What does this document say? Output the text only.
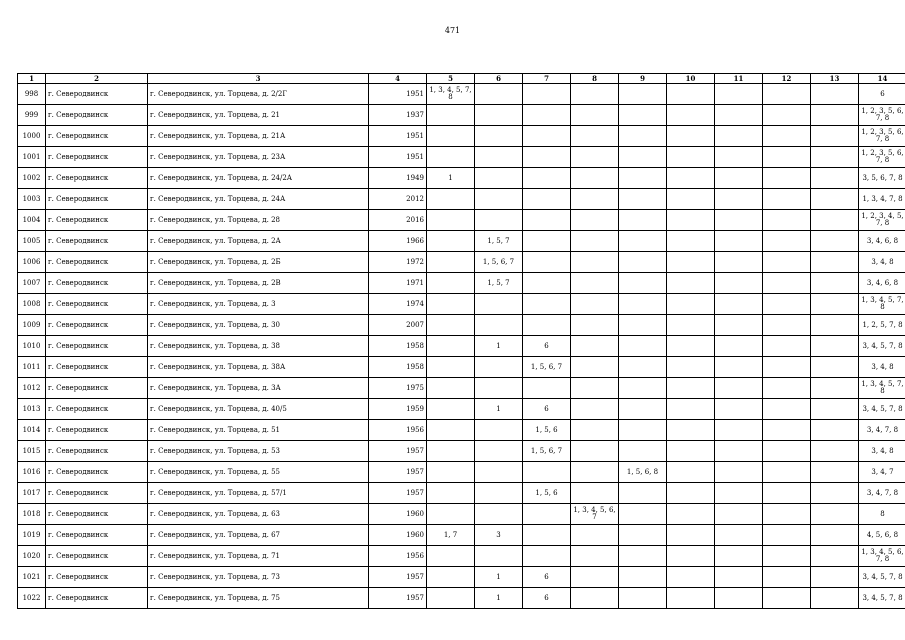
471
1	2	3	4	5	6	7	8	9	10	11	12	13	14
998	г. Северодвинск	г. Северодвинск, ул. Торцева, д. 2/2Г	1951	1, 3, 4, 5, 7, 8									6
999	г. Северодвинск	г. Северодвинск, ул. Торцева, д. 21	1937										1, 2, 3, 5, 6, 7, 8
1000	г. Северодвинск	г. Северодвинск, ул. Торцева, д. 21А	1951										1, 2, 3, 5, 6, 7, 8
1001	г. Северодвинск	г. Северодвинск, ул. Торцева, д. 23А	1951										1, 2, 3, 5, 6, 7, 8
1002	г. Северодвинск	г. Северодвинск, ул. Торцева, д. 24/2А	1949	1									3, 5, 6, 7, 8
1003	г. Северодвинск	г. Северодвинск, ул. Торцева, д. 24А	2012										1, 3, 4, 7, 8
1004	г. Северодвинск	г. Северодвинск, ул. Торцева, д. 28	2016										1, 2, 3, 4, 5, 7, 8
1005	г. Северодвинск	г. Северодвинск, ул. Торцева, д. 2А	1966		1, 5, 7								3, 4, 6, 8
1006	г. Северодвинск	г. Северодвинск, ул. Торцева, д. 2Б	1972		1, 5, 6, 7								3, 4, 8
1007	г. Северодвинск	г. Северодвинск, ул. Торцева, д. 2В	1971		1, 5, 7								3, 4, 6, 8
1008	г. Северодвинск	г. Северодвинск, ул. Торцева, д. 3	1974										1, 3, 4, 5, 7, 8
1009	г. Северодвинск	г. Северодвинск, ул. Торцева, д. 30	2007										1, 2, 5, 7, 8
1010	г. Северодвинск	г. Северодвинск, ул. Торцева, д. 38	1958		1	6							3, 4, 5, 7, 8
1011	г. Северодвинск	г. Северодвинск, ул. Торцева, д. 38А	1958			1, 5, 6, 7							3, 4, 8
1012	г. Северодвинск	г. Северодвинск, ул. Торцева, д. 3А	1975										1, 3, 4, 5, 7, 8
1013	г. Северодвинск	г. Северодвинск, ул. Торцева, д. 40/5	1959		1	6							3, 4, 5, 7, 8
1014	г. Северодвинск	г. Северодвинск, ул. Торцева, д. 51	1956			1, 5, 6							3, 4, 7, 8
1015	г. Северодвинск	г. Северодвинск, ул. Торцева, д. 53	1957			1, 5, 6, 7							3, 4, 8
1016	г. Северодвинск	г. Северодвинск, ул. Торцева, д. 55	1957					1, 5, 6, 8					3, 4, 7
1017	г. Северодвинск	г. Северодвинск, ул. Торцева, д. 57/1	1957			1, 5, 6							3, 4, 7, 8
1018	г. Северодвинск	г. Северодвинск, ул. Торцева, д. 63	1960				1, 3, 4, 5, 6, 7						8
1019	г. Северодвинск	г. Северодвинск, ул. Торцева, д. 67	1960	1, 7	3								4, 5, 6, 8
1020	г. Северодвинск	г. Северодвинск, ул. Торцева, д. 71	1956										1, 3, 4, 5, 6, 7, 8
1021	г. Северодвинск	г. Северодвинск, ул. Торцева, д. 73	1957		1	6							3, 4, 5, 7, 8
1022	г. Северодвинск	г. Северодвинск, ул. Торцева, д. 75	1957		1	6							3, 4, 5, 7, 8
